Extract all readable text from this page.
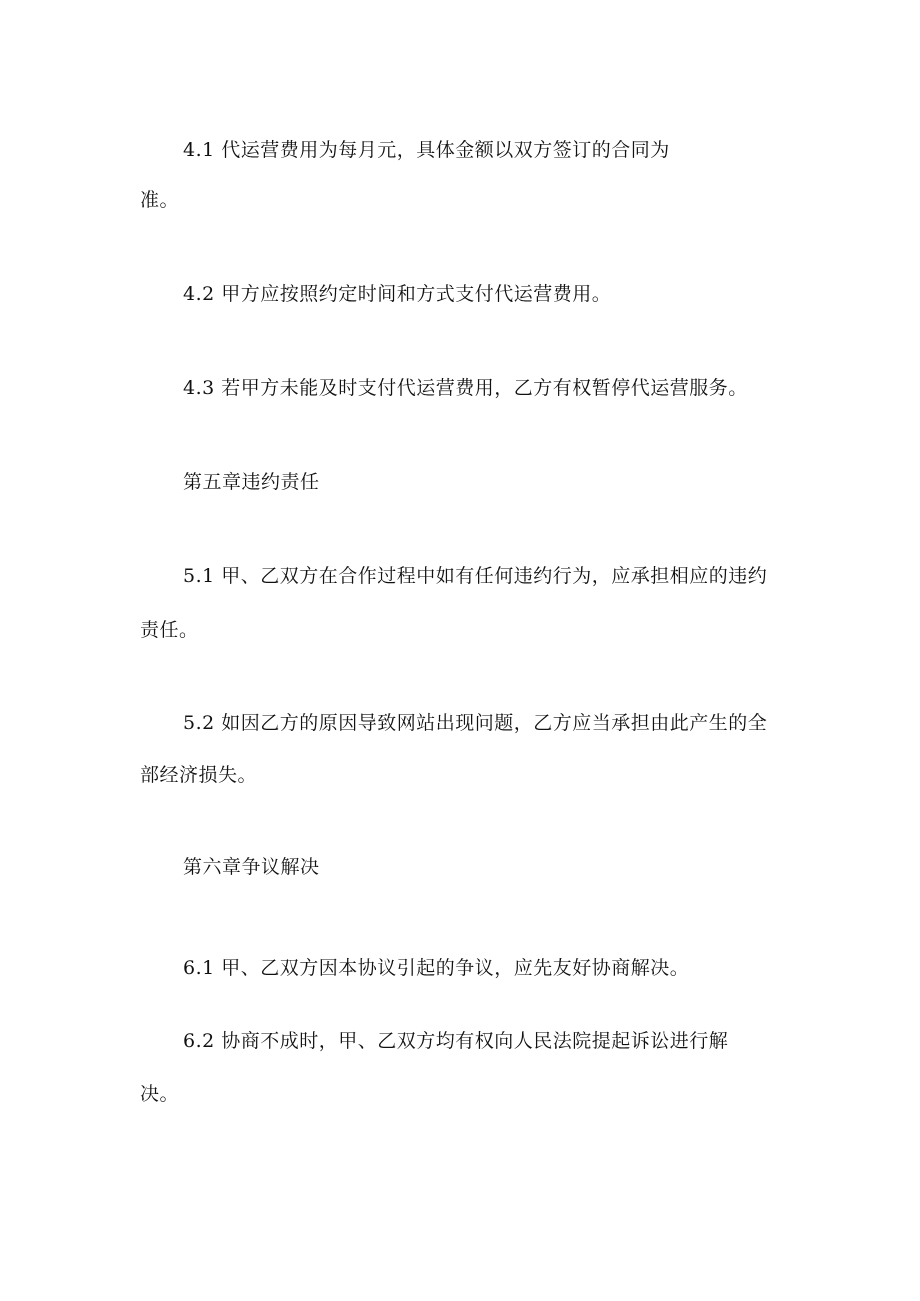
4.1 代运营费用为每月元，具体金额以双方签订的合同为
准。
4.2 甲方应按照约定时间和方式支付代运营费用。
4.3 若甲方未能及时支付代运营费用，乙方有权暂停代运营服务。
第五章违约责任
5.1 甲、乙双方在合作过程中如有任何违约行为，应承担相应的违约
责任。
5.2 如因乙方的原因导致网站出现问题，乙方应当承担由此产生的全
部经济损失。
第六章争议解决
6.1 甲、乙双方因本协议引起的争议，应先友好协商解决。
6.2 协商不成时，甲、乙双方均有权向人民法院提起诉讼进行解
决。
